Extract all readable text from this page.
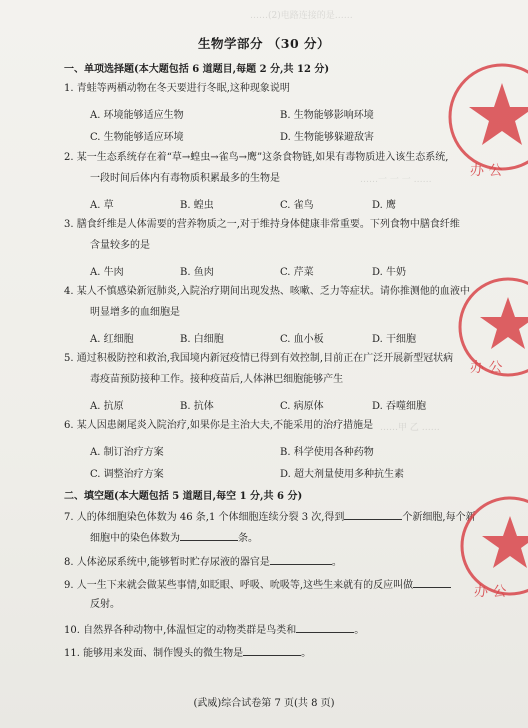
……(2)电路连接的是……
……一 一 一 ……
……甲 乙 ……
生物学部分 （30 分）
一、单项选择题(本大题包括 6 道题目,每题 2 分,共 12 分)
1. 青蛙等两栖动物在冬天要进行冬眠,这种现象说明
A. 环境能够适应生物	B. 生物能够影响环境
C. 生物能够适应环境	D. 生物能够躲避敌害
2. 某一生态系统存在着“草→蝗虫→雀鸟→鹰”这条食物链,如果有毒物质进入该生态系统,
一段时间后体内有毒物质积累最多的生物是
A. 草	B. 蝗虫	C. 雀鸟	D. 鹰
3. 膳食纤维是人体需要的营养物质之一,对于维持身体健康非常重要。下列食物中膳食纤维
含量较多的是
A. 牛肉	B. 鱼肉	C. 芹菜	D. 牛奶
4. 某人不慎感染新冠肺炎,入院治疗期间出现发热、咳嗽、乏力等症状。请你推测他的血液中
明显增多的血细胞是
A. 红细胞	B. 白细胞	C. 血小板	D. 干细胞
5. 通过积极防控和救治,我国境内新冠疫情已得到有效控制,目前正在广泛开展新型冠状病
毒疫苗预防接种工作。接种疫苗后,人体淋巴细胞能够产生
A. 抗原	B. 抗体	C. 病原体	D. 吞噬细胞
6. 某人因患阑尾炎入院治疗,如果你是主治大夫,不能采用的治疗措施是
A. 制订治疗方案	B. 科学使用各种药物
C. 调整治疗方案	D. 超大剂量使用多种抗生素
二、填空题(本大题包括 5 道题目,每空 1 分,共 6 分)
7. 人的体细胞染色体数为 46 条,1 个体细胞连续分裂 3 次,得到	个新细胞,每个新
细胞中的染色体数为	条。
8. 人体泌尿系统中,能够暂时贮存尿液的器官是	。
9. 人一生下来就会做某些事情,如眨眼、呼吸、吮吸等,这些生来就有的反应叫做
反射。
10. 自然界各种动物中,体温恒定的动物类群是鸟类和	。
11. 能够用来发面、制作馒头的微生物是	。
(武威)综合试卷第 7 页(共 8 页)
办 公
办 公
办 公
